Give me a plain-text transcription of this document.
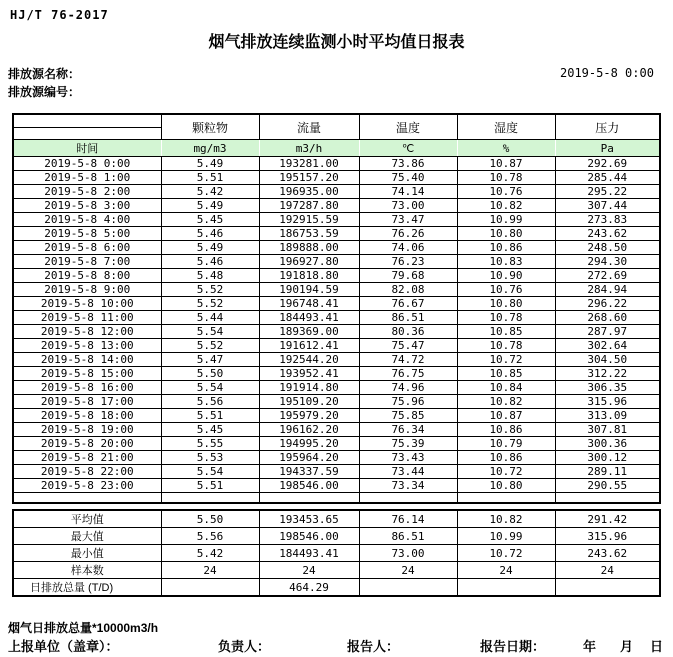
HJ/T 76-2017
烟气排放连续监测小时平均值日报表
排放源名称：
排放源编号：
2019-5-8 0:00
	颗粒物	流量	温度	湿度	压力

时间	mg/m3	m3/h	℃	%	Pa
2019-5-8 0:00	5.49	193281.00	73.86	10.87	292.69
2019-5-8 1:00	5.51	195157.20	75.40	10.78	285.44
2019-5-8 2:00	5.42	196935.00	74.14	10.76	295.22
2019-5-8 3:00	5.49	197287.80	73.00	10.82	307.44
2019-5-8 4:00	5.45	192915.59	73.47	10.99	273.83
2019-5-8 5:00	5.46	186753.59	76.26	10.80	243.62
2019-5-8 6:00	5.49	189888.00	74.06	10.86	248.50
2019-5-8 7:00	5.46	196927.80	76.23	10.83	294.30
2019-5-8 8:00	5.48	191818.80	79.68	10.90	272.69
2019-5-8 9:00	5.52	190194.59	82.08	10.76	284.94
2019-5-8 10:00	5.52	196748.41	76.67	10.80	296.22
2019-5-8 11:00	5.44	184493.41	86.51	10.78	268.60
2019-5-8 12:00	5.54	189369.00	80.36	10.85	287.97
2019-5-8 13:00	5.52	191612.41	75.47	10.78	302.64
2019-5-8 14:00	5.47	192544.20	74.72	10.72	304.50
2019-5-8 15:00	5.50	193952.41	76.75	10.85	312.22
2019-5-8 16:00	5.54	191914.80	74.96	10.84	306.35
2019-5-8 17:00	5.56	195109.20	75.96	10.82	315.96
2019-5-8 18:00	5.51	195979.20	75.85	10.87	313.09
2019-5-8 19:00	5.45	196162.20	76.34	10.86	307.81
2019-5-8 20:00	5.55	194995.20	75.39	10.79	300.36
2019-5-8 21:00	5.53	195964.20	73.43	10.86	300.12
2019-5-8 22:00	5.54	194337.59	73.44	10.72	289.11
2019-5-8 23:00	5.51	198546.00	73.34	10.80	290.55

平均值	5.50	193453.65	76.14	10.82	291.42
最大值	5.56	198546.00	86.51	10.99	315.96
最小值	5.42	184493.41	73.00	10.72	243.62
样本数	24	24	24	24	24
日排放总量 (T/D)		464.29			
烟气日排放总量*10000m3/h
上报单位（盖章）：	负责人：	报告人：	报告日期：	年 月 日
